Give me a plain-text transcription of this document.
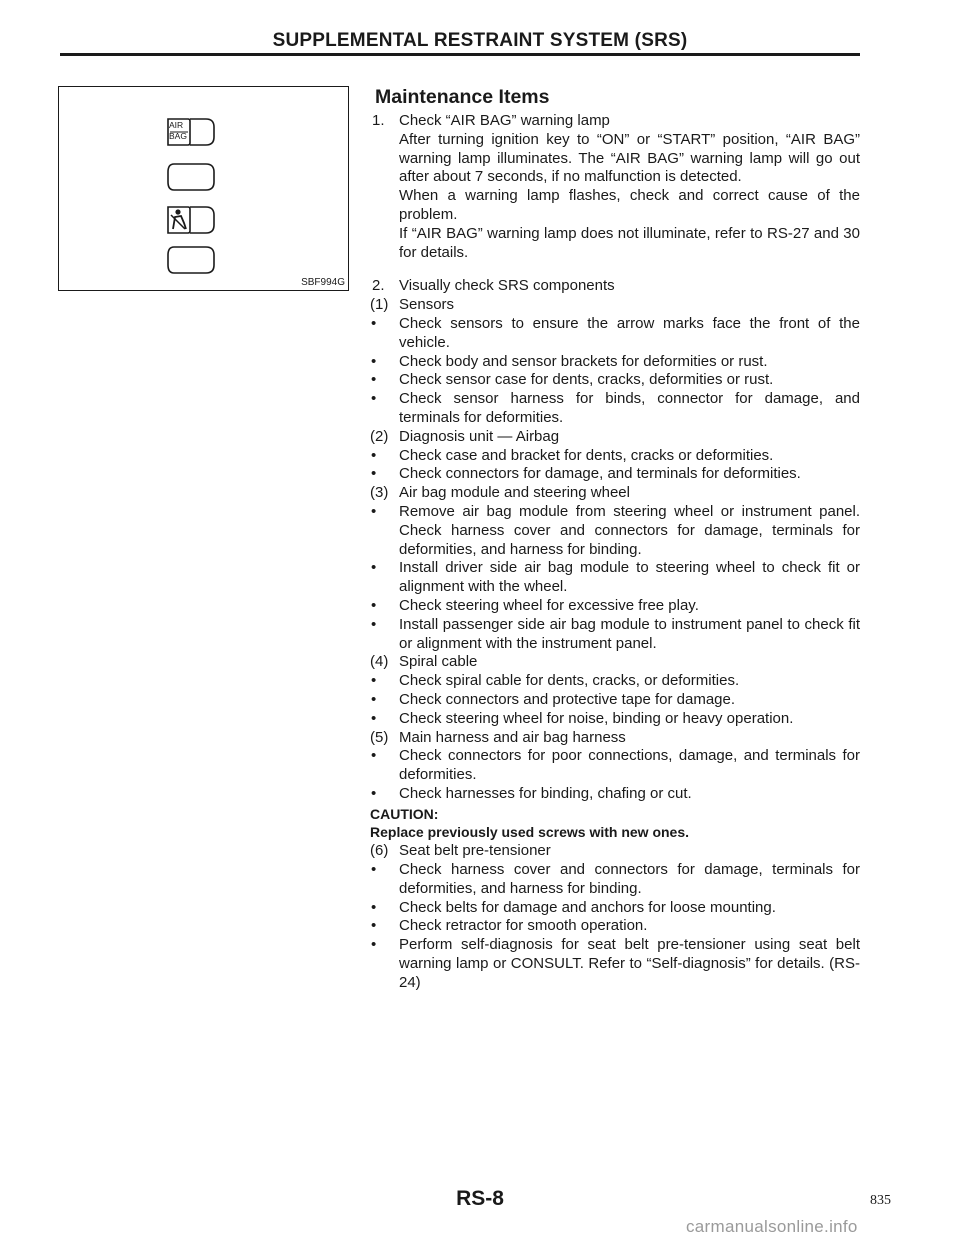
SUPPLEMENTAL RESTRAINT SYSTEM (SRS)
AIR
BAG
SBF994G
Maintenance Items
1. Check “AIR BAG” warning lamp
After turning ignition key to “ON” or “START” position, “AIR BAG” warning lamp illuminates. The “AIR BAG” warning lamp will go out after about 7 seconds, if no malfunction is detected.
When a warning lamp flashes, check and correct cause of the problem.
If “AIR BAG” warning lamp does not illuminate, refer to RS-27 and 30 for details.
2. Visually check SRS components
(1) Sensors
•	Check sensors to ensure the arrow marks face the front of the vehicle.
•	Check body and sensor brackets for deformities or rust.
•	Check sensor case for dents, cracks, deformities or rust.
•	Check sensor harness for binds, connector for damage, and terminals for deformities.
(2) Diagnosis unit — Airbag
•	Check case and bracket for dents, cracks or deformities.
•	Check connectors for damage, and terminals for deformities.
(3) Air bag module and steering wheel
•	Remove air bag module from steering wheel or instrument panel. Check harness cover and connectors for damage, terminals for deformities, and harness for binding.
•	Install driver side air bag module to steering wheel to check fit or alignment with the wheel.
•	Check steering wheel for excessive free play.
•	Install passenger side air bag module to instrument panel to check fit or alignment with the instrument panel.
(4) Spiral cable
•	Check spiral cable for dents, cracks, or deformities.
•	Check connectors and protective tape for damage.
•	Check steering wheel for noise, binding or heavy operation.
(5) Main harness and air bag harness
•	Check connectors for poor connections, damage, and terminals for deformities.
•	Check harnesses for binding, chafing or cut.
CAUTION:
Replace previously used screws with new ones.
(6) Seat belt pre-tensioner
•	Check harness cover and connectors for damage, terminals for deformities, and harness for binding.
•	Check belts for damage and anchors for loose mounting.
•	Check retractor for smooth operation.
•	Perform self-diagnosis for seat belt pre-tensioner using seat belt warning lamp or CONSULT. Refer to “Self-diagnosis” for details. (RS-24)
RS-8	835
carmanualsonline.info
